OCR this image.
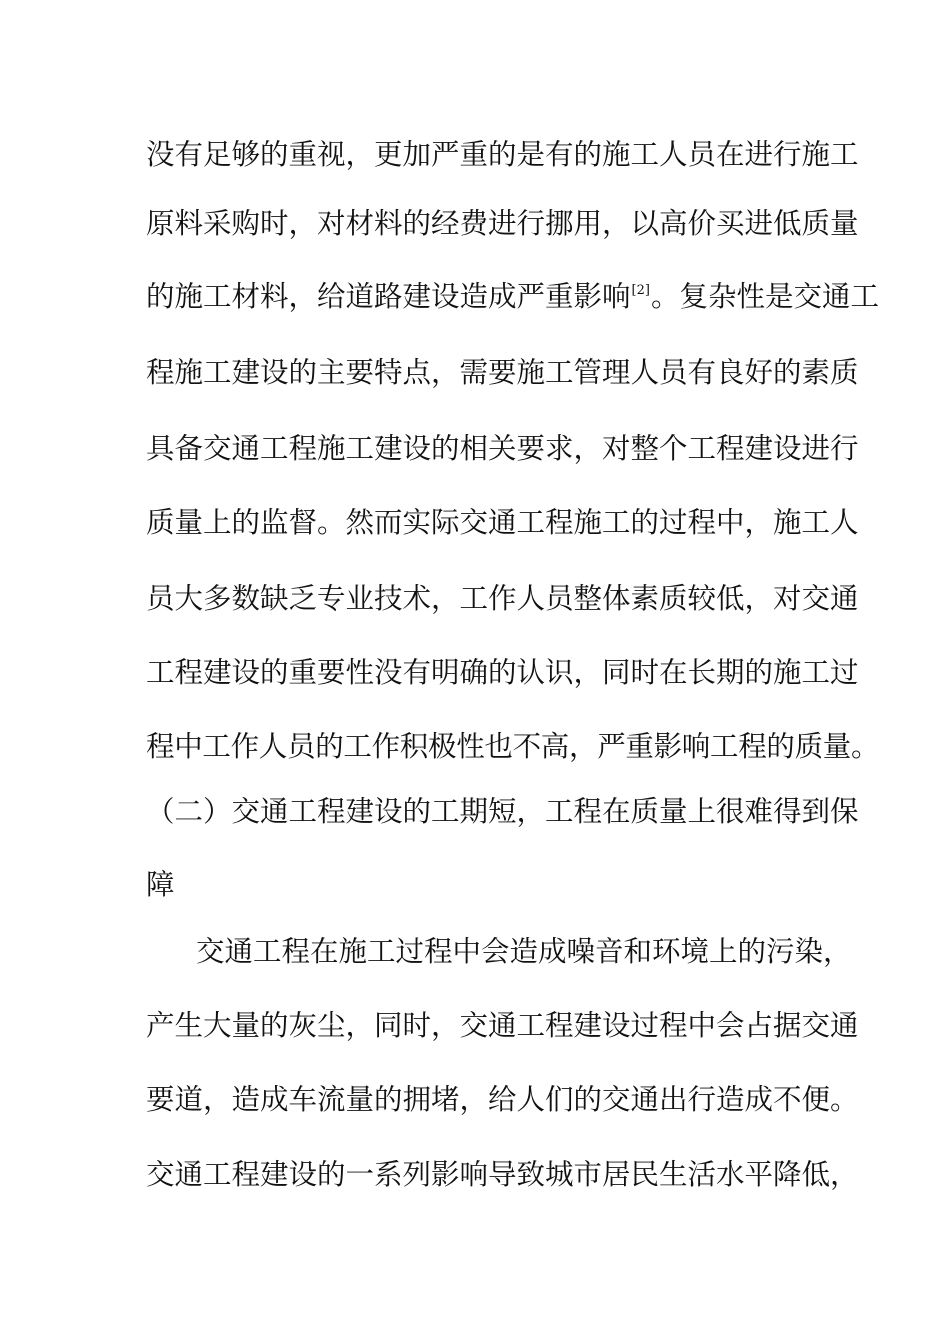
没有足够的重视，更加严重的是有的施工人员在进行施工
原料采购时，对材料的经费进行挪用，以高价买进低质量
的施工材料，给道路建设造成严重影响[2]。复杂性是交通工
程施工建设的主要特点，需要施工管理人员有良好的素质
具备交通工程施工建设的相关要求，对整个工程建设进行
质量上的监督。然而实际交通工程施工的过程中，施工人
员大多数缺乏专业技术，工作人员整体素质较低，对交通
工程建设的重要性没有明确的认识，同时在长期的施工过
程中工作人员的工作积极性也不高，严重影响工程的质量。
（二）交通工程建设的工期短，工程在质量上很难得到保
障
交通工程在施工过程中会造成噪音和环境上的污染，
产生大量的灰尘，同时，交通工程建设过程中会占据交通
要道，造成车流量的拥堵，给人们的交通出行造成不便。
交通工程建设的一系列影响导致城市居民生活水平降低，
